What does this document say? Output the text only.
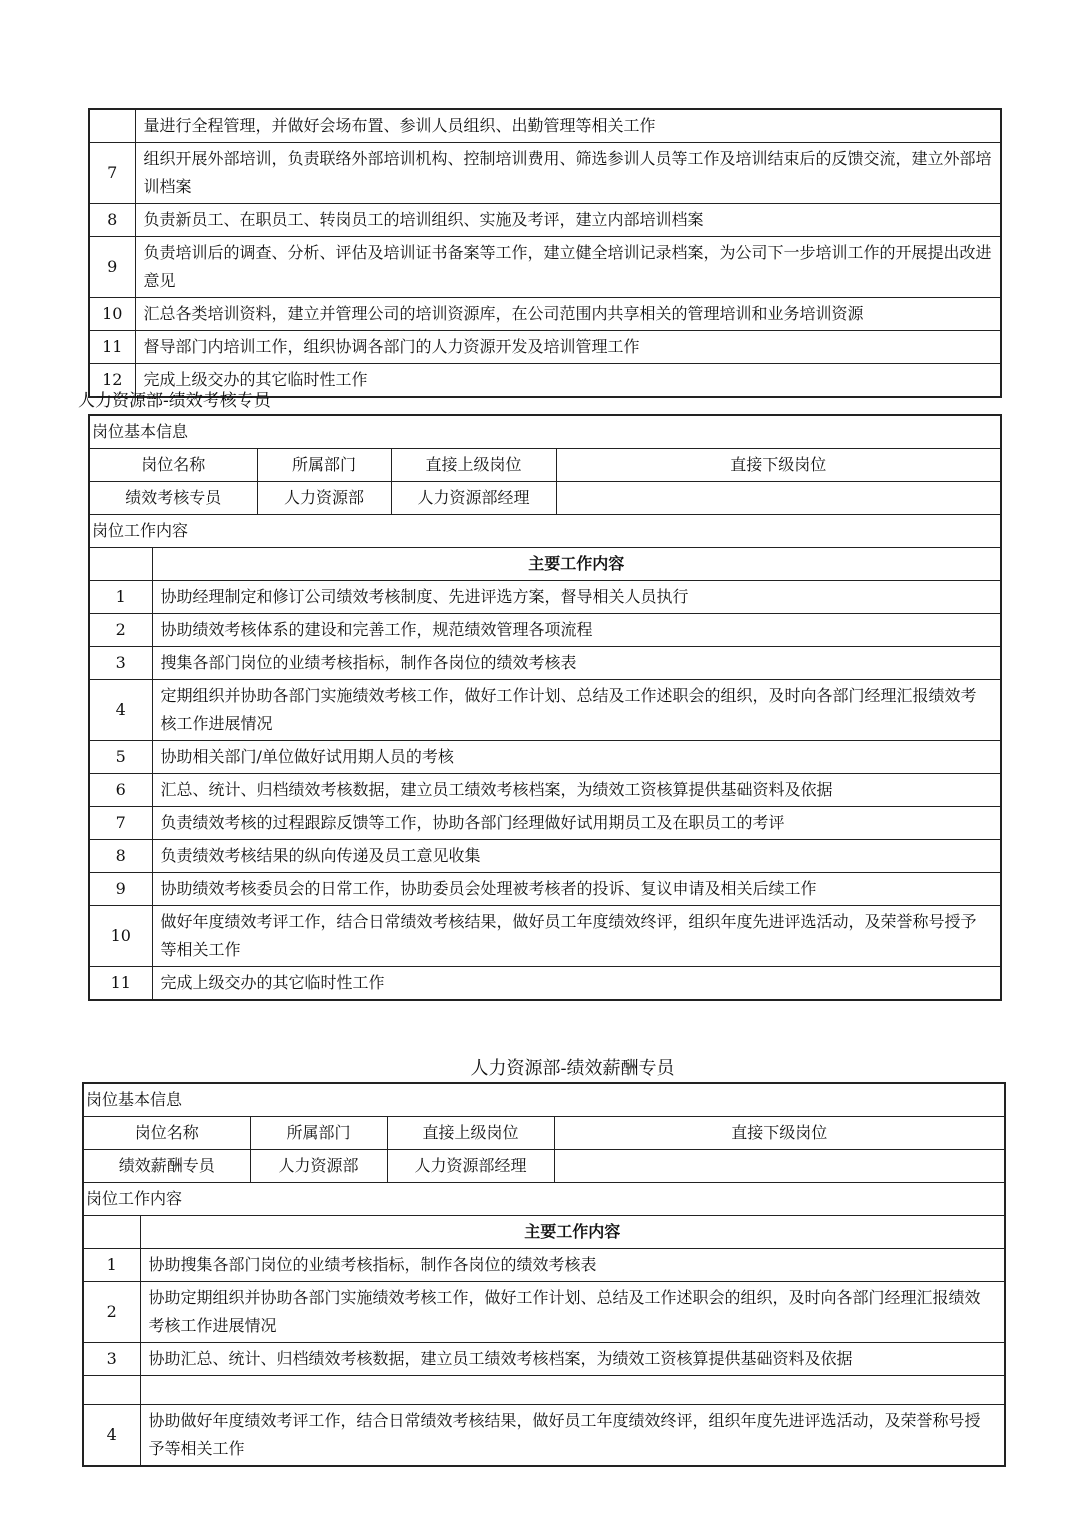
	量进行全程管理，并做好会场布置、参训人员组织、出勤管理等相关工作
7	组织开展外部培训，负责联络外部培训机构、控制培训费用、筛选参训人员等工作及培训结束后的反馈交流，建立外部培训档案
8	负责新员工、在职员工、转岗员工的培训组织、实施及考评，建立内部培训档案
9	负责培训后的调查、分析、评估及培训证书备案等工作，建立健全培训记录档案，为公司下一步培训工作的开展提出改进意见
10	汇总各类培训资料，建立并管理公司的培训资源库，在公司范围内共享相关的管理培训和业务培训资源
11	督导部门内培训工作，组织协调各部门的人力资源开发及培训管理工作
12	完成上级交办的其它临时性工作
人力资源部-绩效考核专员
岗位基本信息				
岗位名称		所属部门	直接上级岗位	直接下级岗位
绩效考核专员		人力资源部	人力资源部经理	
岗位工作内容				
	主要工作内容			
1	协助经理制定和修订公司绩效考核制度、先进评选方案，督导相关人员执行			
2	协助绩效考核体系的建设和完善工作，规范绩效管理各项流程			
3	搜集各部门岗位的业绩考核指标，制作各岗位的绩效考核表			
4	定期组织并协助各部门实施绩效考核工作，做好工作计划、总结及工作述职会的组织，及时向各部门经理汇报绩效考核工作进展情况			
5	协助相关部门/单位做好试用期人员的考核			
6	汇总、统计、归档绩效考核数据，建立员工绩效考核档案，为绩效工资核算提供基础资料及依据			
7	负责绩效考核的过程跟踪反馈等工作，协助各部门经理做好试用期员工及在职员工的考评			
8	负责绩效考核结果的纵向传递及员工意见收集			
9	协助绩效考核委员会的日常工作，协助委员会处理被考核者的投诉、复议申请及相关后续工作			
10	做好年度绩效考评工作，结合日常绩效考核结果，做好员工年度绩效终评，组织年度先进评选活动，及荣誉称号授予等相关工作			
11	完成上级交办的其它临时性工作			
人力资源部-绩效薪酬专员
岗位基本信息				
岗位名称		所属部门	直接上级岗位	直接下级岗位
绩效薪酬专员		人力资源部	人力资源部经理	
岗位工作内容				
	主要工作内容			
1	协助搜集各部门岗位的业绩考核指标，制作各岗位的绩效考核表			
2	协助定期组织并协助各部门实施绩效考核工作，做好工作计划、总结及工作述职会的组织，及时向各部门经理汇报绩效考核工作进展情况			
3	协助汇总、统计、归档绩效考核数据，建立员工绩效考核档案，为绩效工资核算提供基础资料及依据			

4	协助做好年度绩效考评工作，结合日常绩效考核结果，做好员工年度绩效终评，组织年度先进评选活动，及荣誉称号授予等相关工作			
